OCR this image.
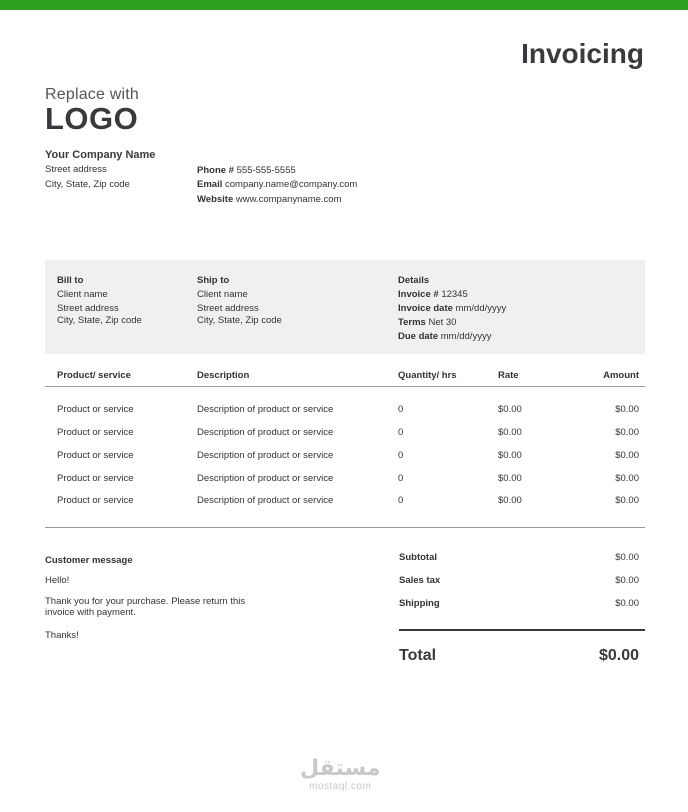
Invoicing
Replace with
LOGO
Your Company Name
Street address
City, State, Zip code
Phone # 555-555-5555
Email company.name@company.com
Website www.companyname.com
Bill to
Client name
Street address
City, State, Zip code
Ship to
Client name
Street address
City, State, Zip code
Details
Invoice # 12345
Invoice date mm/dd/yyyy
Terms Net 30
Due date mm/dd/yyyy
Product/ service	Description	Quantity/ hrs	Rate	Amount
Product or service	Description of product or service	0	$0.00	$0.00
Product or service	Description of product or service	0	$0.00	$0.00
Product or service	Description of product or service	0	$0.00	$0.00
Product or service	Description of product or service	0	$0.00	$0.00
Product or service	Description of product or service	0	$0.00	$0.00
Customer message
Hello!
Thank you for your purchase. Please return this
invoice with payment.
Thanks!
Subtotal	$0.00
Sales tax	$0.00
Shipping	$0.00
Total	$0.00
مستقل
mostaql.com
